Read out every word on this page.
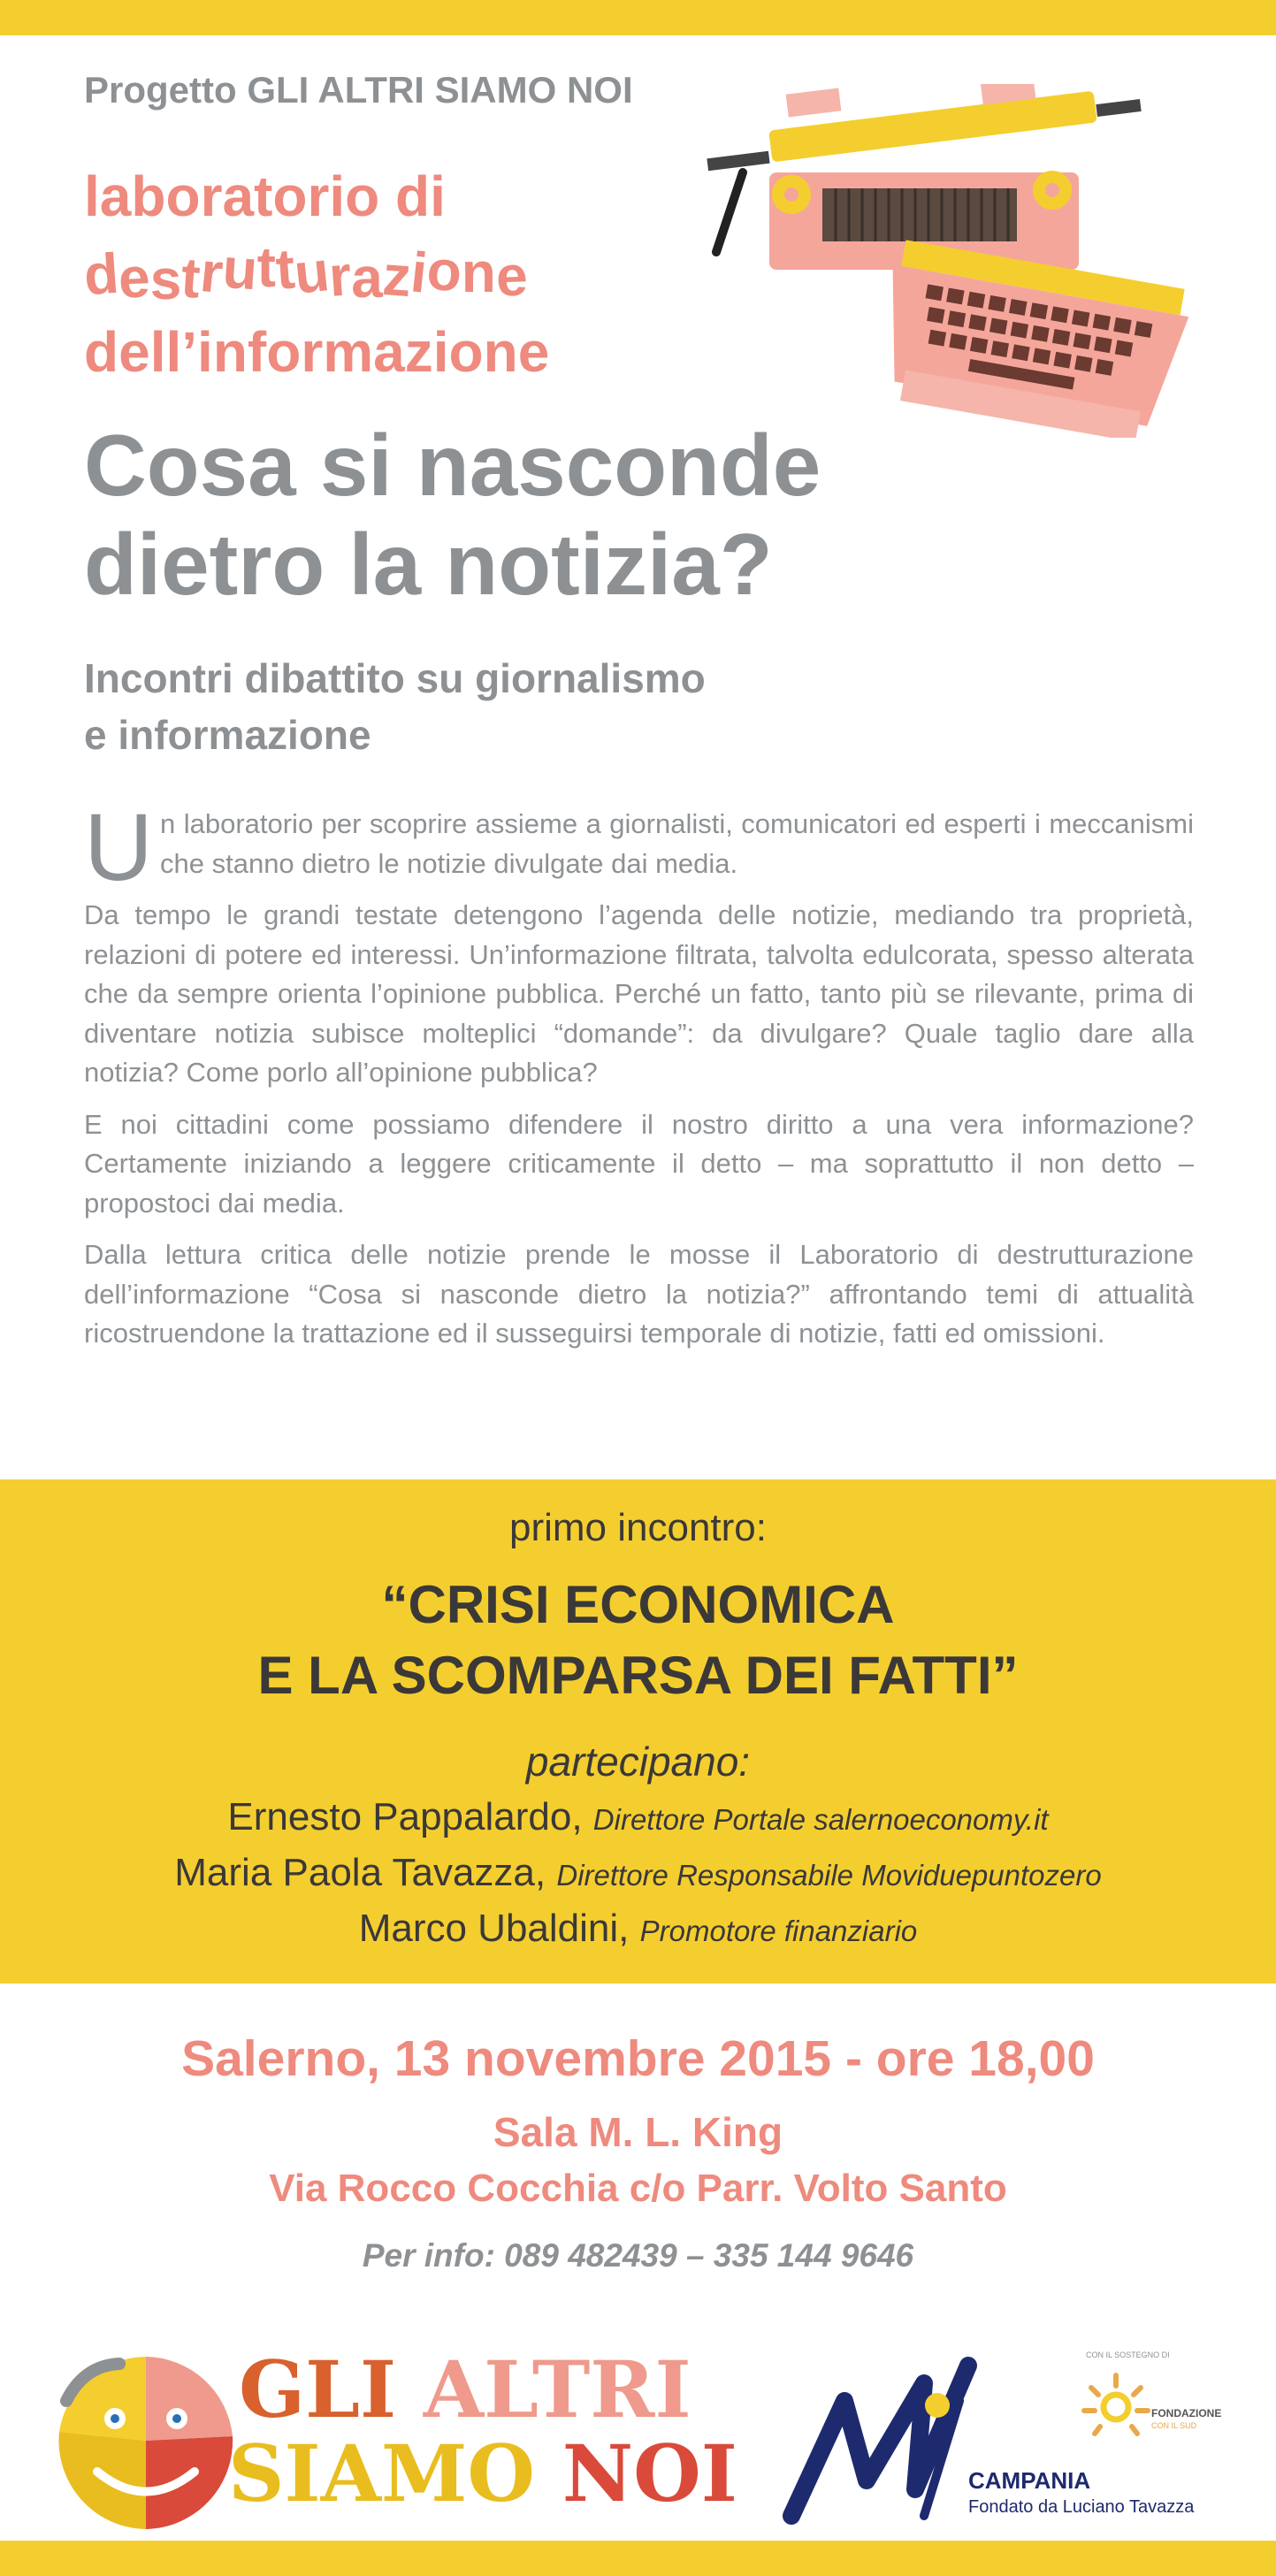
Progetto GLI ALTRI SIAMO NOI

laboratorio di
destrutturazione
dell’informazione
Cosa si nasconde
dietro la notizia?
Incontri dibattito su giornalismo
e informazione

Un laboratorio per scoprire assieme a giornalisti, comunicatori ed esperti i meccanismi che stanno dietro le notizie divulgate dai media.

Da tempo le grandi testate detengono l’agenda delle notizie, mediando tra proprietà, relazioni di potere ed interessi. Un’informazione filtrata, talvolta edulcorata, spesso alterata che da sempre orienta l’opinione pubblica. Perché un fatto, tanto più se rilevante, prima di diventare notizia subisce molteplici “domande”: da divulgare? Quale taglio dare alla notizia? Come porlo all’opinione pubblica?

E noi cittadini come possiamo difendere il nostro diritto a una vera informazione? Certamente iniziando a leggere criticamente il detto – ma soprattutto il non detto – propostoci dai media.

Dalla lettura critica delle notizie prende le mosse il Laboratorio di destrutturazione dell’informazione “Cosa si nasconde dietro la notizia?” affrontando temi di attualità ricostruendone la trattazione ed il susseguirsi temporale di notizie, fatti ed omissioni.

primo incontro:
“CRISI ECONOMICA
E LA SCOMPARSA DEI FATTI”
partecipano:
Ernesto Pappalardo, Direttore Portale salernoeconomy.it
Maria Paola Tavazza, Direttore Responsabile Moviduepuntozero
Marco Ubaldini, Promotore finanziario
Salerno, 13 novembre 2015 - ore 18,00
Sala M. L. King
Via Rocco Cocchia c/o Parr. Volto Santo
Per info: 089 482439 – 335 144 9646
GLI ALTRI
SIAMO NOI	CAMPANIA
Fondato da Luciano Tavazza
CON IL SOSTEGNO DI
FONDAZIONE
CON IL SUD
